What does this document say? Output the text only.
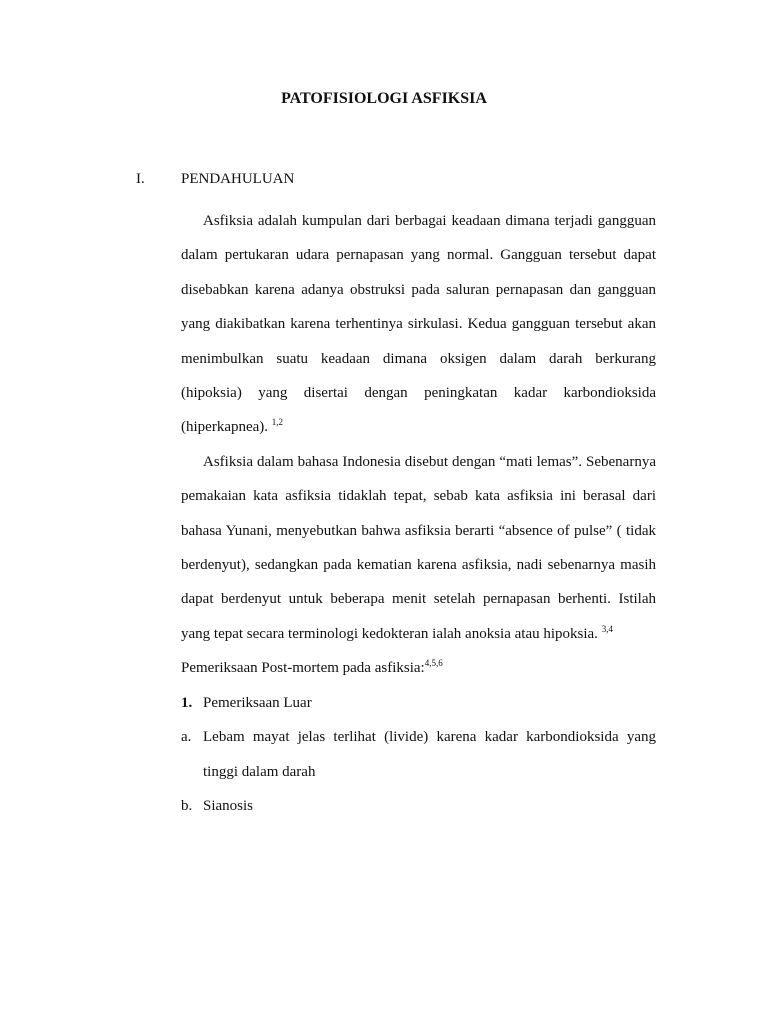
PATOFISIOLOGI ASFIKSIA
I. PENDAHULUAN

Asfiksia adalah kumpulan dari berbagai keadaan dimana terjadi gangguan dalam pertukaran udara pernapasan yang normal. Gangguan tersebut dapat disebabkan karena adanya obstruksi pada saluran pernapasan dan gangguan yang diakibatkan karena terhentinya sirkulasi. Kedua gangguan tersebut akan menimbulkan suatu keadaan dimana oksigen dalam darah berkurang (hipoksia) yang disertai dengan peningkatan kadar karbondioksida (hiperkapnea). $^{1,2}$

Asfiksia dalam bahasa Indonesia disebut dengan “mati lemas”. Sebenarnya pemakaian kata asfiksia tidaklah tepat, sebab kata asfiksia ini berasal dari bahasa Yunani, menyebutkan bahwa asfiksia berarti “absence of pulse” ( tidak berdenyut), sedangkan pada kematian karena asfiksia, nadi sebenarnya masih dapat berdenyut untuk beberapa menit setelah pernapasan berhenti. Istilah yang tepat secara terminologi kedokteran ialah anoksia atau hipoksia. $^{3,4}$

Pemeriksaan Post-mortem pada asfiksia:$^{4,5,6}$

1. Pemeriksaan Luar
a. Lebam mayat jelas terlihat (livide) karena kadar karbondioksida yang tinggi dalam darah
b. Sianosis
